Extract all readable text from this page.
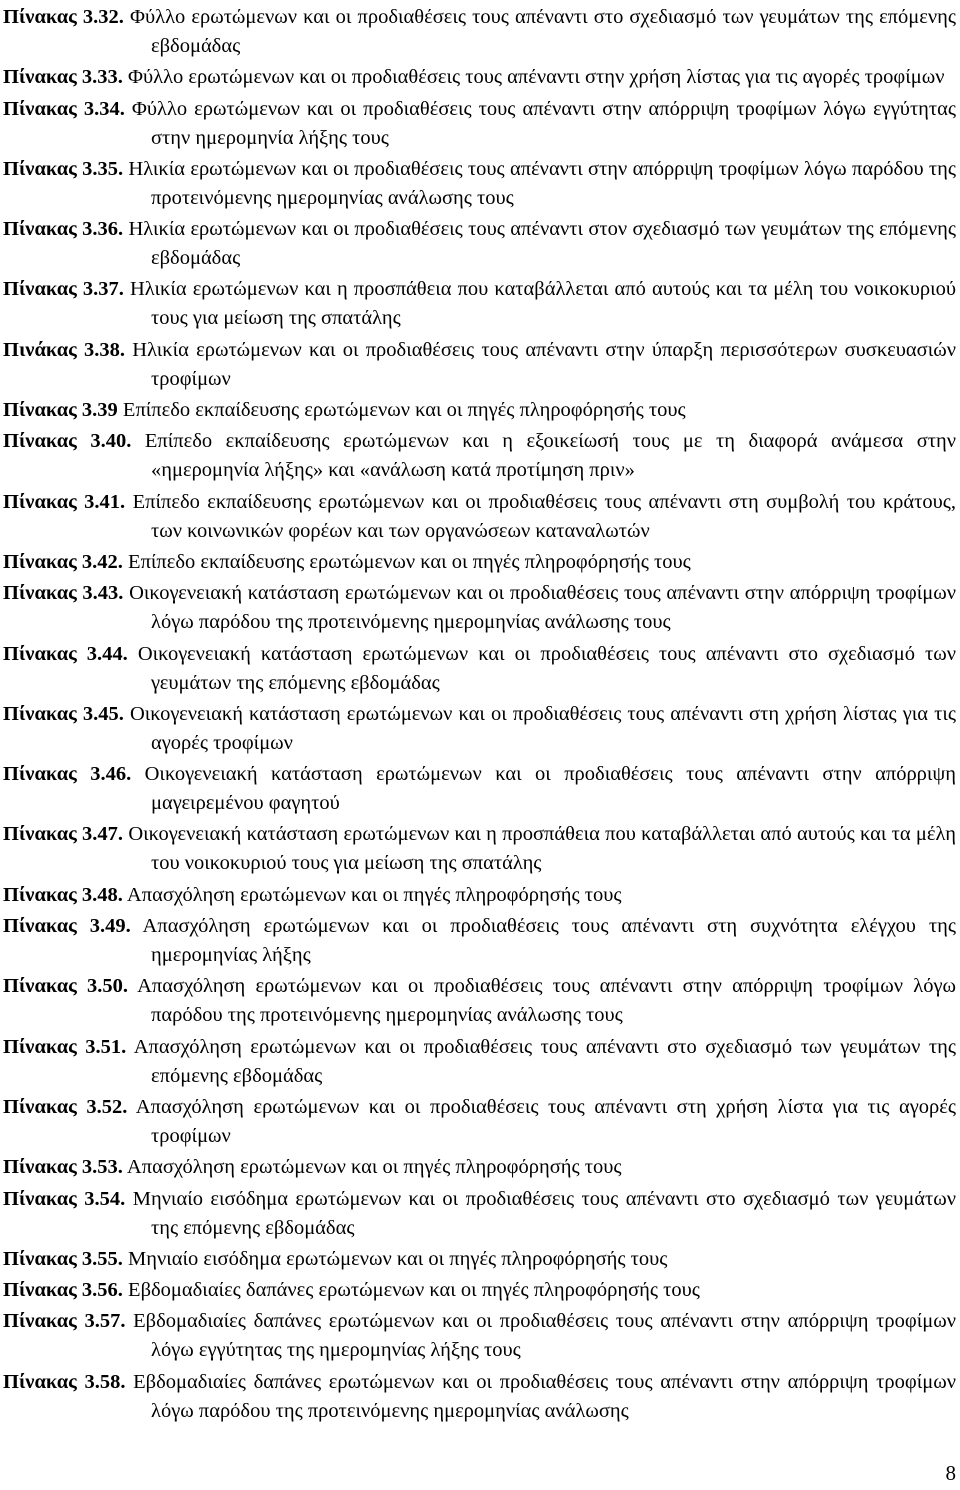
Πίνακας 3.32. Φύλλο ερωτώμενων και οι προδιαθέσεις τους απέναντι στο σχεδιασμό των γευμάτων της επόμενης εβδομάδας
Πίνακας 3.33. Φύλλο ερωτώμενων και οι προδιαθέσεις τους απέναντι στην χρήση λίστας για τις αγορές τροφίμων
Πίνακας 3.34. Φύλλο ερωτώμενων και οι προδιαθέσεις τους απέναντι στην απόρριψη τροφίμων λόγω εγγύτητας στην ημερομηνία λήξης τους
Πίνακας 3.35. Ηλικία ερωτώμενων και οι προδιαθέσεις τους απέναντι στην απόρριψη τροφίμων λόγω παρόδου της προτεινόμενης ημερομηνίας ανάλωσης τους
Πίνακας 3.36. Ηλικία ερωτώμενων και οι προδιαθέσεις τους απέναντι στον σχεδιασμό των γευμάτων της επόμενης εβδομάδας
Πίνακας 3.37. Ηλικία ερωτώμενων και η προσπάθεια που καταβάλλεται από αυτούς και τα μέλη του νοικοκυριού τους για μείωση της σπατάλης
Πινάκας 3.38. Ηλικία ερωτώμενων και οι προδιαθέσεις τους απέναντι στην ύπαρξη περισσότερων συσκευασιών τροφίμων
Πίνακας 3.39 Επίπεδο εκπαίδευσης ερωτώμενων και οι πηγές πληροφόρησής τους
Πίνακας 3.40. Επίπεδο εκπαίδευσης ερωτώμενων και η εξοικείωσή τους με τη διαφορά ανάμεσα στην «ημερομηνία λήξης» και «ανάλωση κατά προτίμηση πριν»
Πίνακας 3.41. Επίπεδο εκπαίδευσης ερωτώμενων και οι προδιαθέσεις τους απέναντι στη συμβολή του κράτους, των κοινωνικών φορέων και των οργανώσεων καταναλωτών
Πίνακας 3.42. Επίπεδο εκπαίδευσης ερωτώμενων και οι πηγές πληροφόρησής τους
Πίνακας 3.43. Οικογενειακή κατάσταση ερωτώμενων και οι προδιαθέσεις τους απέναντι στην απόρριψη τροφίμων λόγω παρόδου της προτεινόμενης ημερομηνίας ανάλωσης τους
Πίνακας 3.44. Οικογενειακή κατάσταση ερωτώμενων και οι προδιαθέσεις τους απέναντι στο σχεδιασμό των γευμάτων της επόμενης εβδομάδας
Πίνακας 3.45. Οικογενειακή κατάσταση ερωτώμενων και οι προδιαθέσεις τους απέναντι στη χρήση λίστας για τις αγορές τροφίμων
Πίνακας 3.46. Οικογενειακή κατάσταση ερωτώμενων και οι προδιαθέσεις τους απέναντι στην απόρριψη μαγειρεμένου φαγητού
Πίνακας 3.47. Οικογενειακή κατάσταση ερωτώμενων και η προσπάθεια που καταβάλλεται από αυτούς και τα μέλη του νοικοκυριού τους για μείωση της σπατάλης
Πίνακας 3.48. Απασχόληση ερωτώμενων και οι πηγές πληροφόρησής τους
Πίνακας 3.49. Απασχόληση ερωτώμενων και οι προδιαθέσεις τους απέναντι στη συχνότητα ελέγχου της ημερομηνίας λήξης
Πίνακας 3.50. Απασχόληση ερωτώμενων και οι προδιαθέσεις τους απέναντι στην απόρριψη τροφίμων λόγω παρόδου της προτεινόμενης ημερομηνίας ανάλωσης τους
Πίνακας 3.51. Απασχόληση ερωτώμενων και οι προδιαθέσεις τους απέναντι στο σχεδιασμό των γευμάτων της επόμενης εβδομάδας
Πίνακας 3.52. Απασχόληση ερωτώμενων και οι προδιαθέσεις τους απέναντι στη χρήση λίστα για τις αγορές τροφίμων
Πίνακας 3.53. Απασχόληση ερωτώμενων και οι πηγές πληροφόρησής τους
Πίνακας 3.54. Μηνιαίο εισόδημα ερωτώμενων και οι προδιαθέσεις τους απέναντι στο σχεδιασμό των γευμάτων της επόμενης εβδομάδας
Πίνακας 3.55. Μηνιαίο εισόδημα ερωτώμενων και οι πηγές πληροφόρησής τους
Πίνακας 3.56. Εβδομαδιαίες δαπάνες ερωτώμενων και οι πηγές πληροφόρησής τους
Πίνακας 3.57. Εβδομαδιαίες δαπάνες ερωτώμενων και οι προδιαθέσεις τους απέναντι στην απόρριψη τροφίμων λόγω εγγύτητας της ημερομηνίας λήξης τους
Πίνακας 3.58. Εβδομαδιαίες δαπάνες ερωτώμενων και οι προδιαθέσεις τους απέναντι στην απόρριψη τροφίμων λόγω παρόδου της προτεινόμενης ημερομηνίας ανάλωσης
8
